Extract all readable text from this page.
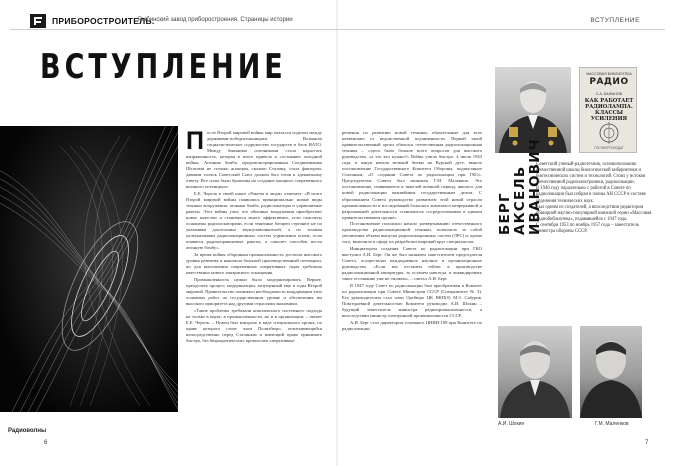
ПРИБОРОСТРОИТЕЛЬ.
Рыбинский завод приборостроения. Страницы истории	ВСТУПЛЕНИЕ
ВСТУПЛЕНИЕ
Радиоволны
П осле Второй мировой войны мир оказался поделен между державами-победительницами. Возникли социалистическое содружество государств и блок НАТО. Между бывшими союзниками стала нарастать напряженность, которая в итоге привела к состоянию холодной войны. Атомная бомба, продемонстрированная Соединенными Штатами не столько японцам, сколько Сталину, стала фактором, давшим толчок Советский Союз должен был готов к адекватному ответу. Все силы были брошены на создание мощного современного военного потенциала.

Б.Е. Черток в своей книге «Ракеты и люди» отмечает: «В итоге Второй мировой войны появились принципиально новые виды техники вооружения: атомная бомба, радиолокаторы и управляемые ракеты. Этот войны учит, что обычные вооружения приобретают новое качество и становятся много эффективнее, если самолеты оснащены радиолокаторами, если зенитные батареи стреляют не по указаниям допотопных звукоулавливателей, а по точным целеуказаниям радиолокационных систем управления огнем, если появятся радиоуправляемые ракеты, а самолет способен нести атомную бомбу».

За время войны оборонная промышленность достигла высокого уровня развития и накопила большой производственный потенциал, но для выполнения современных оперативных задач требовала качественно нового аппаратного оснащения.

Промышленность нужно было модернизировать. Вернее, преодолеть процесс модернизации, запущенный еще в годы Второй мировой. Правительство понимало необходимость координации этих основных работ по государственном уровне и обеспечения им высокого приоритета над другими отраслями экономики.

«Такие проблемы требовали комплексного системного подхода не только в науке, в промышленности, но и в организации, – пишет Б.Е. Черток. – Нужен был контроль в виде специального органа, по праве которого стоит член Политбюро, отчитывающийся непосредственно перед Сталиным и имеющий право принимать быстро, без бюрократических проволочек оперативные

6

решения по развитию новой техники, обязательные для всех независимо от ведомственной подчиненности. Первой такой правительственный орган обязался отечественная радиолокационная техника – «здесь было больше всего вопросов для высокого руководства, «а это кто нужно?» Война учила быстро. 4 июля 1943 года, в канун начала великой битвы на Курской дуге, вышло постановление Государственного Комитета Обороны, подписанное Сталиным, «О создании Совета по радиолокации при ГКО». Председателем Совета был назначен Г.М. Маленков. Это постановление, появившееся в тяжелой военной период, явилось для новой радиолокации важнейшим государственным делом. С образованием Совета руководство развитием этой новой отрасли промышленности и исследований большого комплекса непрерывной и разрозненной деятельности становилось сосредоточенным в едином правительственном органе».

Постановление положило начало развертыванию отечественного производства радиолокационной техники, позволило за собой увеличение объема выпуска радиолокационных систем (ЛРС) и, кроме того, включило в сферу их разработки широкий круг специалистов.

Инициатором создания Совета по радиолокации при ГКО выступил А.И. Берг. Он же был назначен заместителем председателя Совета, осуществлял каждодневное научное и организационное руководство. «Если мы отстанем сейчас в производстве радиолокационной аппаратуры, то останем навсегда, и ликвидировать такое отставание уже не сможем», – считал А.И. Берг.

В 1947 году Совет по радиолокации был преобразован в Комитет по радиолокации при Совете Министров СССР (Спецкомитет № 3). Его руководителем стал член Оргбюро ЦК ВКП(б) М.З. Сабуров. Повседневной деятельностью Комитета руководил А.И. Шокин – будущий заместитель министра радиопромышленности, а впоследствии министр электронной промышленности СССР.

А.И. Берг стал директором головного ЦНИИ-108 при Комитете по радиолокации.

МАССОВАЯ БИБЛИОТЕКА
РАДИО
С.А. БАЖАНОВ
КАК РАБОТАЕТ РАДИОЛАМПА. КЛАССЫ УСИЛЕНИЯ
ГОСЭНЕРГОИЗДАТ
БЕРГ АКСЕЛЬ ИВАНОВИЧ

Советский ученый-радиотехник, основоположник отечественной школы биологической кибернетики и биотехнических систем и технологий. Стоял у истоков отечественной радиоэлектроники, радиолокации.

В 1946 году параллельно с работой в Совете по радиолокации был избран в члены АН СССР в составе отделения технических наук.

Был одним из создателей, а впоследствии редактором обширной научно-популярной книжной серии «Массовая радиобиблиотека», издававшейся с 1947 года.

С сентября 1953 по ноябрь 1957 года – заместитель министра обороны СССР.

А.И. Шокин	Г.М. Маленков
7
